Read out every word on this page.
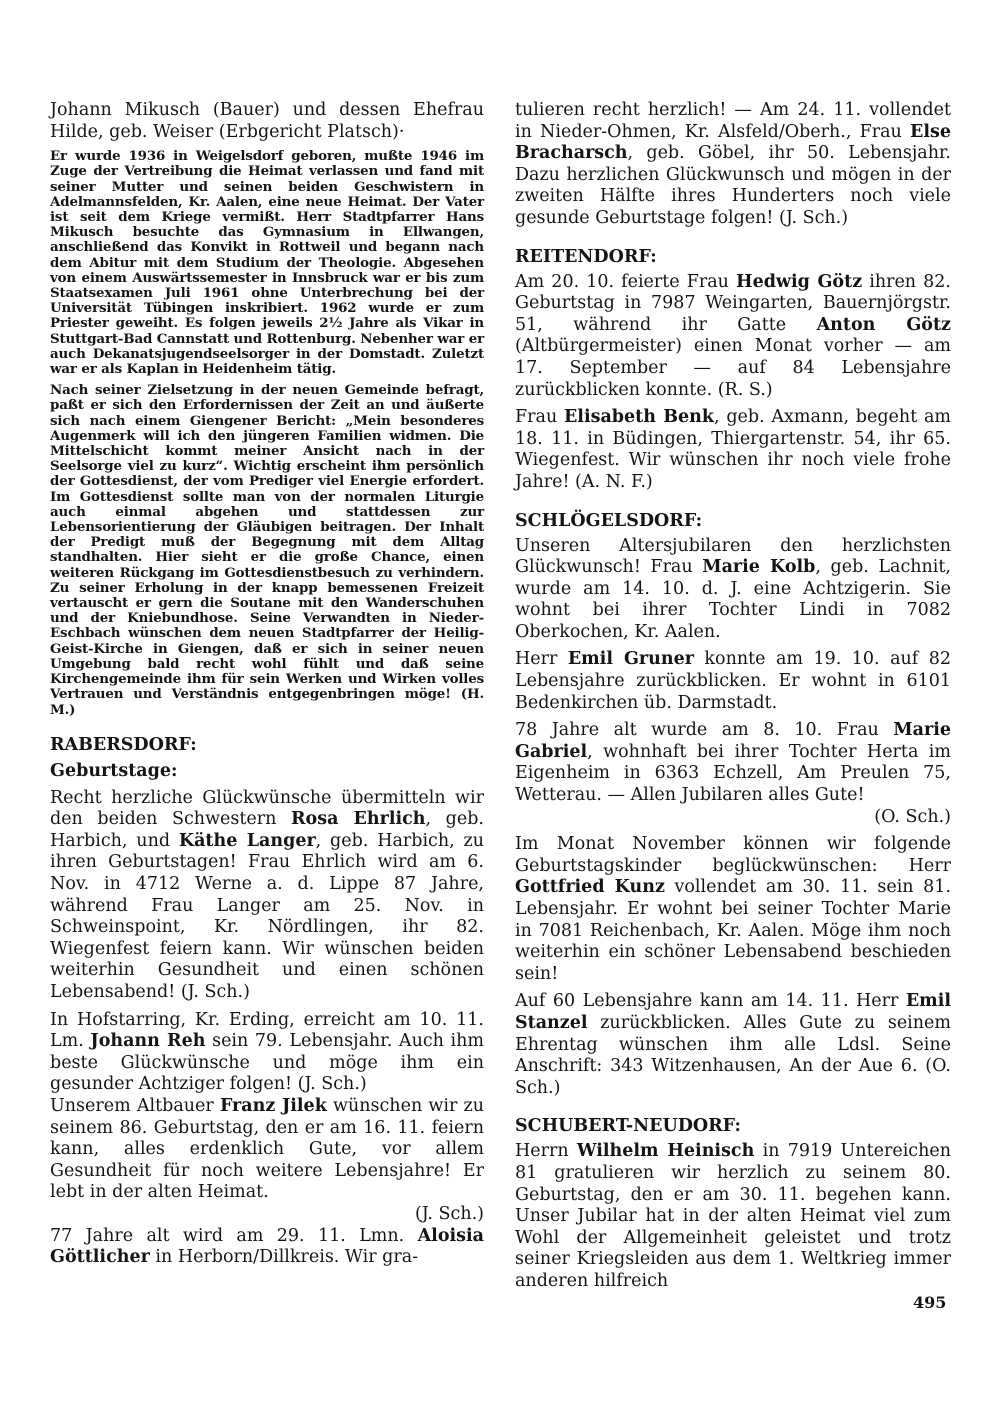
Johann Mikusch (Bauer) und dessen Ehefrau Hilde, geb. Weiser (Erbgericht Platsch)·

Er wurde 1936 in Weigelsdorf geboren, mußte 1946 im Zuge der Vertreibung die Heimat verlassen und fand mit seiner Mutter und seinen beiden Geschwistern in Adelmannsfelden, Kr. Aalen, eine neue Heimat. Der Vater ist seit dem Kriege vermißt. Herr Stadtpfarrer Hans Mikusch besuchte das Gymnasium in Ellwangen, anschließend das Konvikt in Rottweil und begann nach dem Abitur mit dem Studium der Theologie. Abgesehen von einem Auswärtssemester in Innsbruck war er bis zum Staatsexamen Juli 1961 ohne Unterbrechung bei der Universität Tübingen inskribiert. 1962 wurde er zum Priester geweiht. Es folgen jeweils 2½ Jahre als Vikar in Stuttgart-Bad Cannstatt und Rottenburg. Nebenher war er auch Dekanatsjugendseelsorger in der Domstadt. Zuletzt war er als Kaplan in Heidenheim tätig.

Nach seiner Zielsetzung in der neuen Gemeinde befragt, paßt er sich den Erfordernissen der Zeit an und äußerte sich nach einem Giengener Bericht: „Mein besonderes Augenmerk will ich den jüngeren Familien widmen. Die Mittelschicht kommt meiner Ansicht nach in der Seelsorge viel zu kurz“. Wichtig erscheint ihm persönlich der Gottesdienst, der vom Prediger viel Energie erfordert. Im Gottesdienst sollte man von der normalen Liturgie auch einmal abgehen und stattdessen zur Lebensorientierung der Gläubigen beitragen. Der Inhalt der Predigt muß der Begegnung mit dem Alltag standhalten. Hier sieht er die große Chance, einen weiteren Rückgang im Gottesdienstbesuch zu verhindern. Zu seiner Erholung in der knapp bemessenen Freizeit vertauscht er gern die Soutane mit den Wanderschuhen und der Kniebundhose. Seine Verwandten in Nieder-Eschbach wünschen dem neuen Stadtpfarrer der Heilig-Geist-Kirche in Giengen, daß er sich in seiner neuen Umgebung bald recht wohl fühlt und daß seine Kirchengemeinde ihm für sein Werken und Wirken volles Vertrauen und Verständnis entgegenbringen möge! (H. M.)

RABERSDORF:
Geburtstage:

Recht herzliche Glückwünsche übermitteln wir den beiden Schwestern Rosa Ehrlich, geb. Harbich, und Käthe Langer, geb. Harbich, zu ihren Geburtstagen! Frau Ehrlich wird am 6. Nov. in 4712 Werne a. d. Lippe 87 Jahre, während Frau Langer am 25. Nov. in Schweinspoint, Kr. Nördlingen, ihr 82. Wiegenfest feiern kann. Wir wünschen beiden weiterhin Gesundheit und einen schönen Lebensabend! (J. Sch.)

In Hofstarring, Kr. Erding, erreicht am 10. 11. Lm. Johann Reh sein 79. Lebensjahr. Auch ihm beste Glückwünsche und möge ihm ein gesunder Achtziger folgen! (J. Sch.)

Unserem Altbauer Franz Jilek wünschen wir zu seinem 86. Geburtstag, den er am 16. 11. feiern kann, alles erdenklich Gute, vor allem Gesundheit für noch weitere Lebensjahre! Er lebt in der alten Heimat.

(J. Sch.)

77 Jahre alt wird am 29. 11. Lmn. Aloisia Göttlicher in Herborn/Dillkreis. Wir gra-

tulieren recht herzlich! — Am 24. 11. vollendet in Nieder-Ohmen, Kr. Alsfeld/Oberh., Frau Else Bracharsch, geb. Göbel, ihr 50. Lebensjahr. Dazu herzlichen Glückwunsch und mögen in der zweiten Hälfte ihres Hunderters noch viele gesunde Geburtstage folgen! (J. Sch.)

REITENDORF:

Am 20. 10. feierte Frau Hedwig Götz ihren 82. Geburtstag in 7987 Weingarten, Bauernjörgstr. 51, während ihr Gatte Anton Götz (Altbürgermeister) einen Monat vorher — am 17. September — auf 84 Lebensjahre zurückblicken konnte. (R. S.)

Frau Elisabeth Benk, geb. Axmann, begeht am 18. 11. in Büdingen, Thiergartenstr. 54, ihr 65. Wiegenfest. Wir wünschen ihr noch viele frohe Jahre! (A. N. F.)

SCHLÖGELSDORF:

Unseren Altersjubilaren den herzlichsten Glückwunsch! Frau Marie Kolb, geb. Lachnit, wurde am 14. 10. d. J. eine Achtzigerin. Sie wohnt bei ihrer Tochter Lindi in 7082 Oberkochen, Kr. Aalen.

Herr Emil Gruner konnte am 19. 10. auf 82 Lebensjahre zurückblicken. Er wohnt in 6101 Bedenkirchen üb. Darmstadt.

78 Jahre alt wurde am 8. 10. Frau Marie Gabriel, wohnhaft bei ihrer Tochter Herta im Eigenheim in 6363 Echzell, Am Preulen 75, Wetterau. — Allen Jubilaren alles Gute!

(O. Sch.)

Im Monat November können wir folgende Geburtstagskinder beglückwünschen: Herr Gottfried Kunz vollendet am 30. 11. sein 81. Lebensjahr. Er wohnt bei seiner Tochter Marie in 7081 Reichenbach, Kr. Aalen. Möge ihm noch weiterhin ein schöner Lebensabend beschieden sein!

Auf 60 Lebensjahre kann am 14. 11. Herr Emil Stanzel zurückblicken. Alles Gute zu seinem Ehrentag wünschen ihm alle Ldsl. Seine Anschrift: 343 Witzenhausen, An der Aue 6. (O. Sch.)

SCHUBERT-NEUDORF:

Herrn Wilhelm Heinisch in 7919 Untereichen 81 gratulieren wir herzlich zu seinem 80. Geburtstag, den er am 30. 11. begehen kann. Unser Jubilar hat in der alten Heimat viel zum Wohl der Allgemeinheit geleistet und trotz seiner Kriegsleiden aus dem 1. Weltkrieg immer anderen hilfreich

495
